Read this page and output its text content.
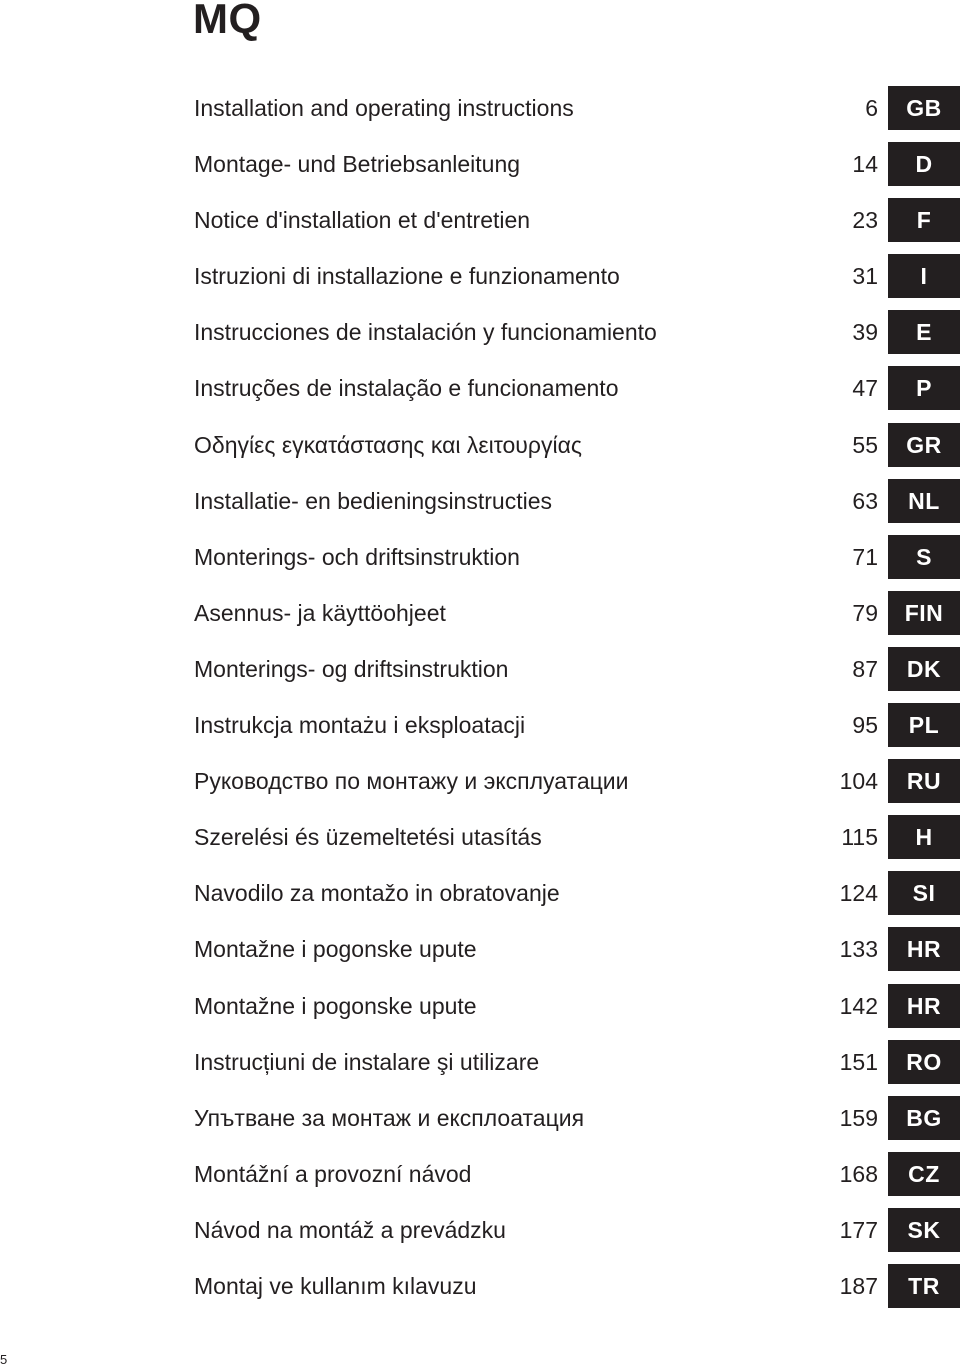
MQ
Installation and operating instructions	6	GB
Montage- und Betriebsanleitung	14	D
Notice d'installation et d'entretien	23	F
Istruzioni di installazione e funzionamento	31	I
Instrucciones de instalación y funcionamiento	39	E
Instruções de instalação e funcionamento	47	P
Οδηγίες εγκατάστασης και λειτουργίας	55	GR
Installatie- en bedieningsinstructies	63	NL
Monterings- och driftsinstruktion	71	S
Asennus- ja käyttöohjeet	79	FIN
Monterings- og driftsinstruktion	87	DK
Instrukcja montażu i eksploatacji	95	PL
Руководство по монтажу и эксплуатации	104	RU
Szerelési és üzemeltetési utasítás	115	H
Navodilo za montažo in obratovanje	124	SI
Montažne i pogonske upute	133	HR
Montažne i pogonske upute	142	HR
Instrucțiuni de instalare şi utilizare	151	RO
Упътване за монтаж и експлоатация	159	BG
Montážní a provozní návod	168	CZ
Návod na montáž a prevádzku	177	SK
Montaj ve kullanım kılavuzu	187	TR
5
